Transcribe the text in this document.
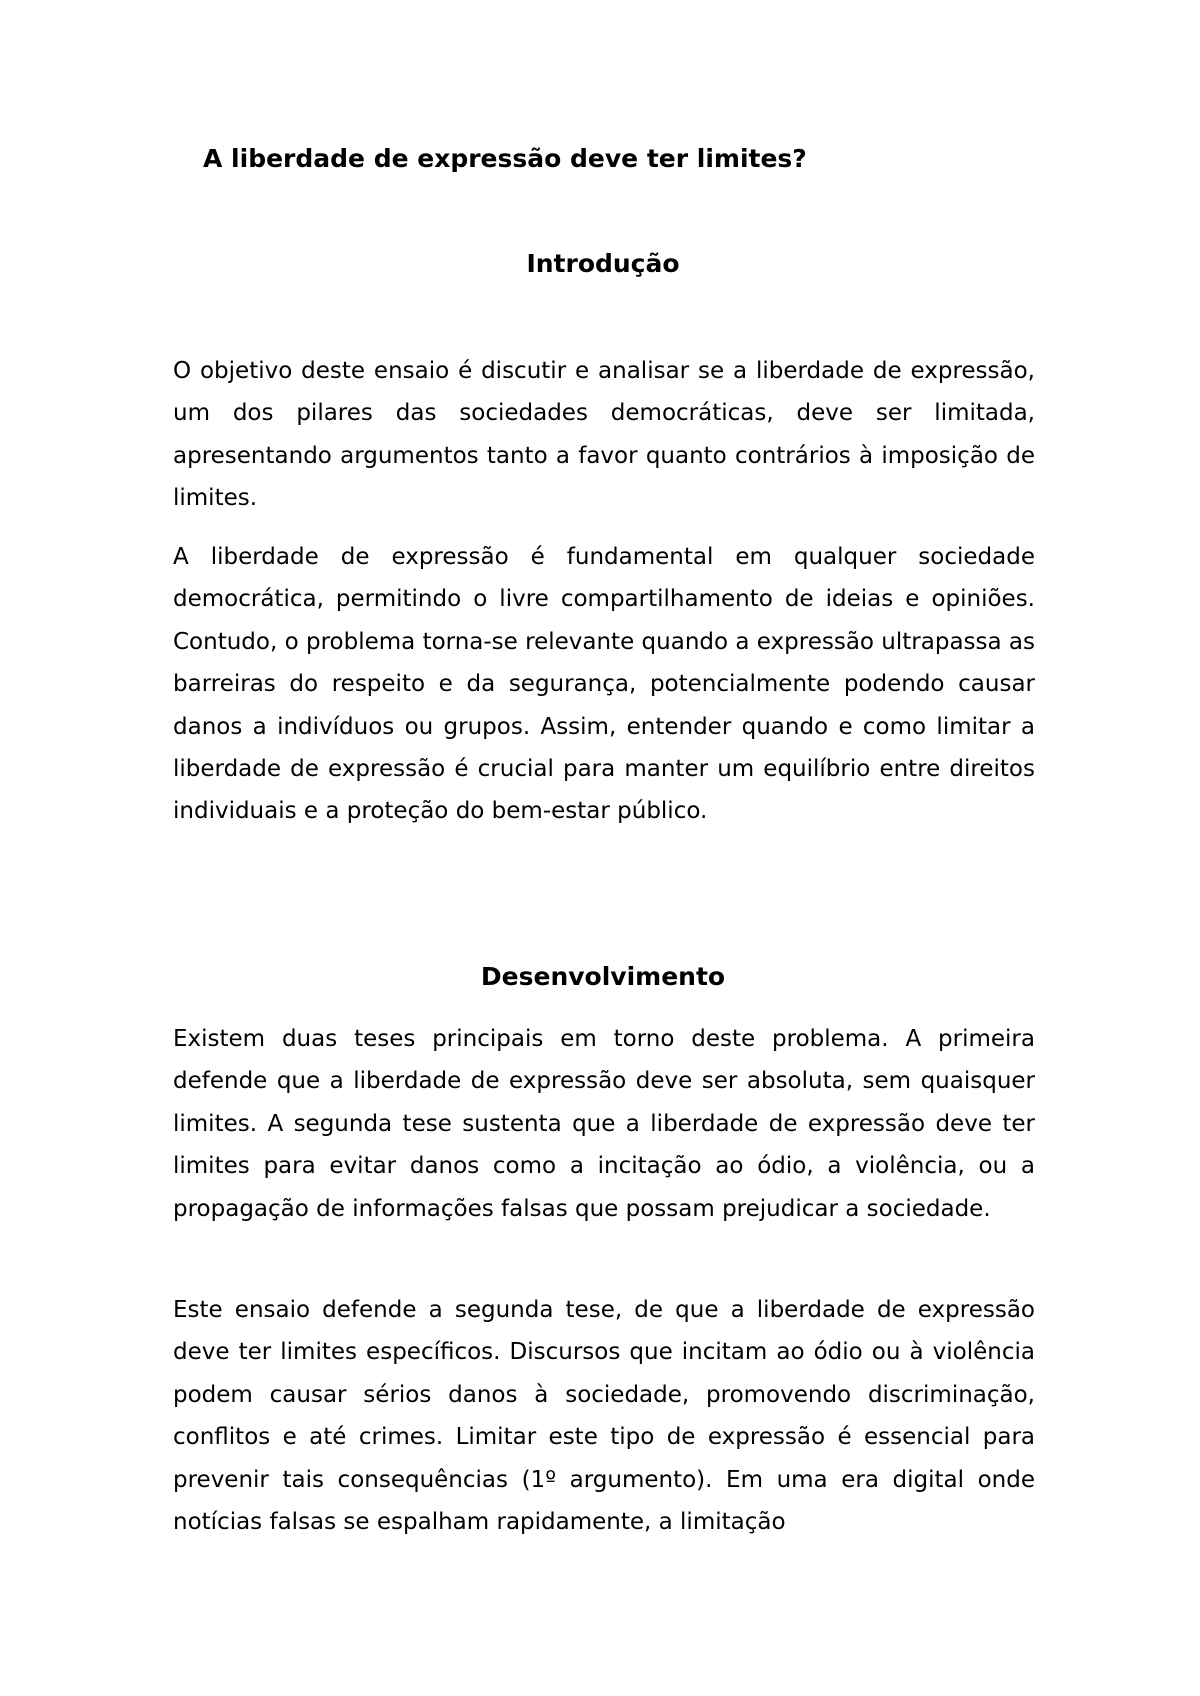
A liberdade de expressão deve ter limites?
Introdução

O objetivo deste ensaio é discutir e analisar se a liberdade de expressão, um dos pilares das sociedades democráticas, deve ser limitada, apresentando argumentos tanto a favor quanto contrários à imposição de limites.

A liberdade de expressão é fundamental em qualquer sociedade democrática, permitindo o livre compartilhamento de ideias e opiniões. Contudo, o problema torna-se relevante quando a expressão ultrapassa as barreiras do respeito e da segurança, potencialmente podendo causar danos a indivíduos ou grupos. Assim, entender quando e como limitar a liberdade de expressão é crucial para manter um equilíbrio entre direitos individuais e a proteção do bem-estar público.

Desenvolvimento

Existem duas teses principais em torno deste problema. A primeira defende que a liberdade de expressão deve ser absoluta, sem quaisquer limites. A segunda tese sustenta que a liberdade de expressão deve ter limites para evitar danos como a incitação ao ódio, a violência, ou a propagação de informações falsas que possam prejudicar a sociedade.

Este ensaio defende a segunda tese, de que a liberdade de expressão deve ter limites específicos. Discursos que incitam ao ódio ou à violência podem causar sérios danos à sociedade, promovendo discriminação, conflitos e até crimes. Limitar este tipo de expressão é essencial para prevenir tais consequências (1º argumento). Em uma era digital onde notícias falsas se espalham rapidamente, a limitação
